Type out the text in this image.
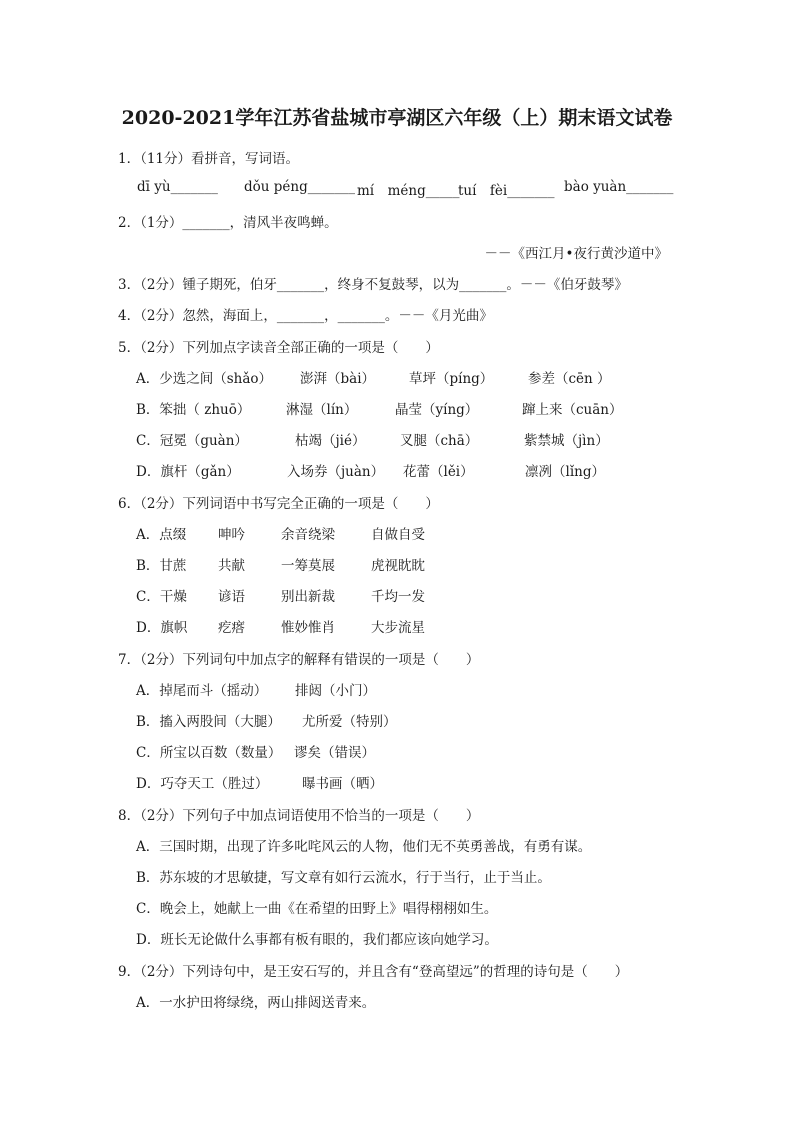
2020-2021学年江苏省盐城市亭湖区六年级（上）期末语文试卷
1．（11分）看拼音，写词语。
dī yù_______ dǒu péng_______ mí　méng_____
tuí　fèi_______ bào yuàn_______
2．（1分）_______，清风半夜鸣蝉。
－－《西江月•夜行黄沙道中》
3．（2分）锺子期死，伯牙_______，终身不复鼓琴，以为_______。－－《伯牙鼓琴》
4．（2分）忽然，海面上，_______，_______。－－《月光曲》
5．（2分）下列加点字读音全部正确的一项是（　　）
A．少选之间（shǎo） 澎湃（bài）	草坪（píng）	参差（cēn ）
B．笨拙（ zhuō）	淋湿（lín）	晶莹（yíng）	蹿上来（cuān）
C．冠冕（guàn）	枯竭（jié）	叉腿（chā）	紫禁城（jìn）
D．旗杆（gǎn）	入场券（juàn） 花蕾（lěi）	凛冽（lǐng）
6．（2分）下列词语中书写完全正确的一项是（　　）
A．点缀 呻吟	余音绕梁	自做自受
B．甘蔗 共献	一筹莫展	虎视眈眈
C．干燥 谚语	别出新裁	千均一发
D．旗帜 疙瘩	惟妙惟肖	大步流星
7．（2分）下列词句中加点字的解释有错误的一项是（　　）
A．掉尾而斗（摇动） 排闼（小门）
B．搐入两股间（大腿） 尤所爱（特别）
C．所宝以百数（数量） 谬矣（错误）
D．巧夺天工（胜过） 曝书画（晒）
8．（2分）下列句子中加点词语使用不恰当的一项是（　　）
A．三国时期，出现了许多叱咤风云的人物，他们无不英勇善战，有勇有谋。
B．苏东坡的才思敏捷，写文章有如行云流水，行于当行，止于当止。
C．晚会上，她献上一曲《在希望的田野上》唱得栩栩如生。
D．班长无论做什么事都有板有眼的，我们都应该向她学习。
9．（2分）下列诗句中，是王安石写的，并且含有“登高望远”的哲理的诗句是（　　）
A．一水护田将绿绕，两山排闼送青来。
